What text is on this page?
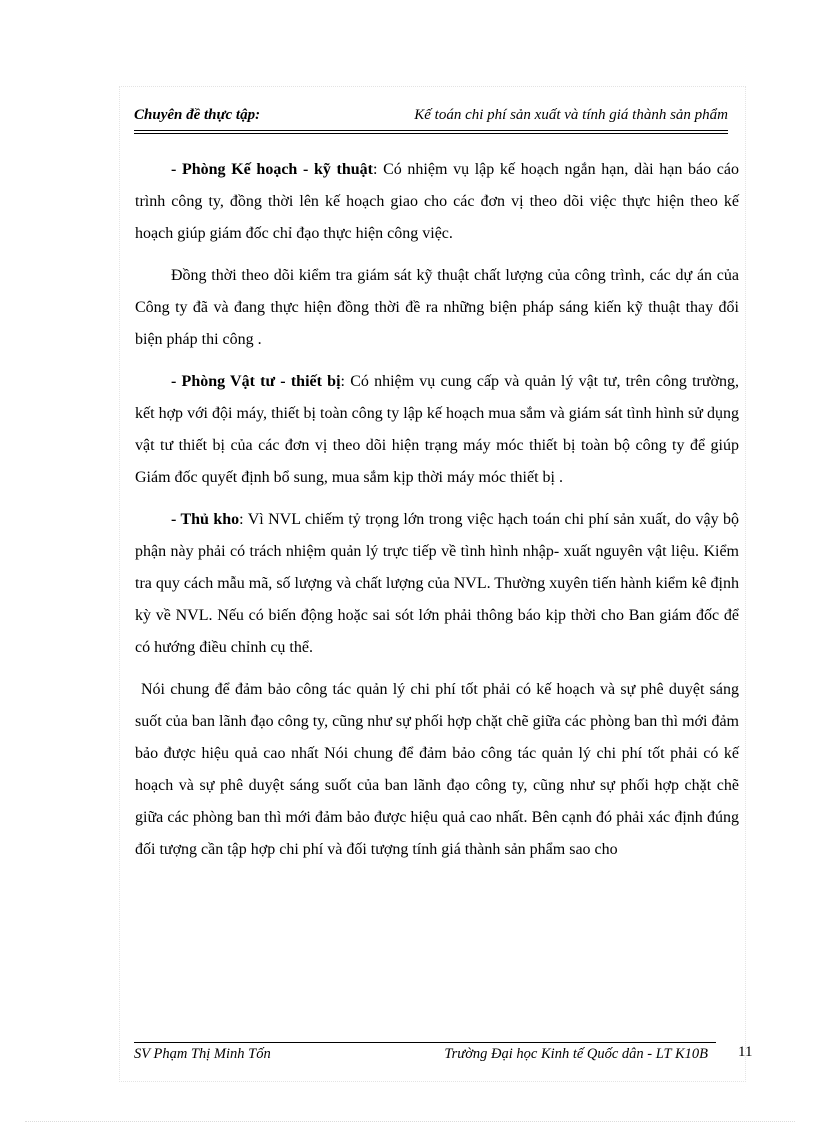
Chuyên đề thực tập:	Kế toán chi phí sản xuất và tính giá thành sản phẩm

- Phòng Kế hoạch - kỹ thuật: Có nhiệm vụ lập kế hoạch ngắn hạn, dài hạn báo cáo trình công ty, đồng thời lên kế hoạch giao cho các đơn vị theo dõi việc thực hiện theo kế hoạch giúp giám đốc chỉ đạo thực hiện công việc.

Đồng thời theo dõi kiểm tra giám sát kỹ thuật chất lượng của công trình, các dự án của Công ty đã và đang thực hiện đồng thời đề ra những biện pháp sáng kiến kỹ thuật thay đổi biện pháp thi công .

- Phòng Vật tư - thiết bị: Có nhiệm vụ cung cấp và quản lý vật tư, trên công trường, kết hợp với đội máy, thiết bị toàn công ty lập kế hoạch mua sắm và giám sát tình hình sử dụng vật tư thiết bị của các đơn vị theo dõi hiện trạng máy móc thiết bị toàn bộ công ty để giúp Giám đốc quyết định bổ sung, mua sắm kịp thời máy móc thiết bị .

- Thủ kho: Vì NVL chiếm tỷ trọng lớn trong việc hạch toán chi phí sản xuất, do vậy bộ phận này phải có trách nhiệm quản lý trực tiếp về tình hình nhập- xuất nguyên vật liệu. Kiểm tra quy cách mẫu mã, số lượng và chất lượng của NVL. Thường xuyên tiến hành kiểm kê định kỳ về NVL. Nếu có biến động hoặc sai sót lớn phải thông báo kịp thời cho Ban giám đốc để có hướng điều chỉnh cụ thể.

Nói chung để đảm bảo công tác quản lý chi phí tốt phải có kế hoạch và sự phê duyệt sáng suốt của ban lãnh đạo công ty, cũng như sự phối hợp chặt chẽ giữa các phòng ban thì mới đảm bảo được hiệu quả cao nhất Nói chung để đảm bảo công tác quản lý chi phí tốt phải có kế hoạch và sự phê duyệt sáng suốt của ban lãnh đạo công ty, cũng như sự phối hợp chặt chẽ giữa các phòng ban thì mới đảm bảo được hiệu quả cao nhất. Bên cạnh đó phải xác định đúng đối tượng cần tập hợp chi phí và đối tượng tính giá thành sản phẩm sao cho

SV Phạm Thị Minh Tốn	Trường Đại học Kinh tế Quốc dân - LT K10B 11
